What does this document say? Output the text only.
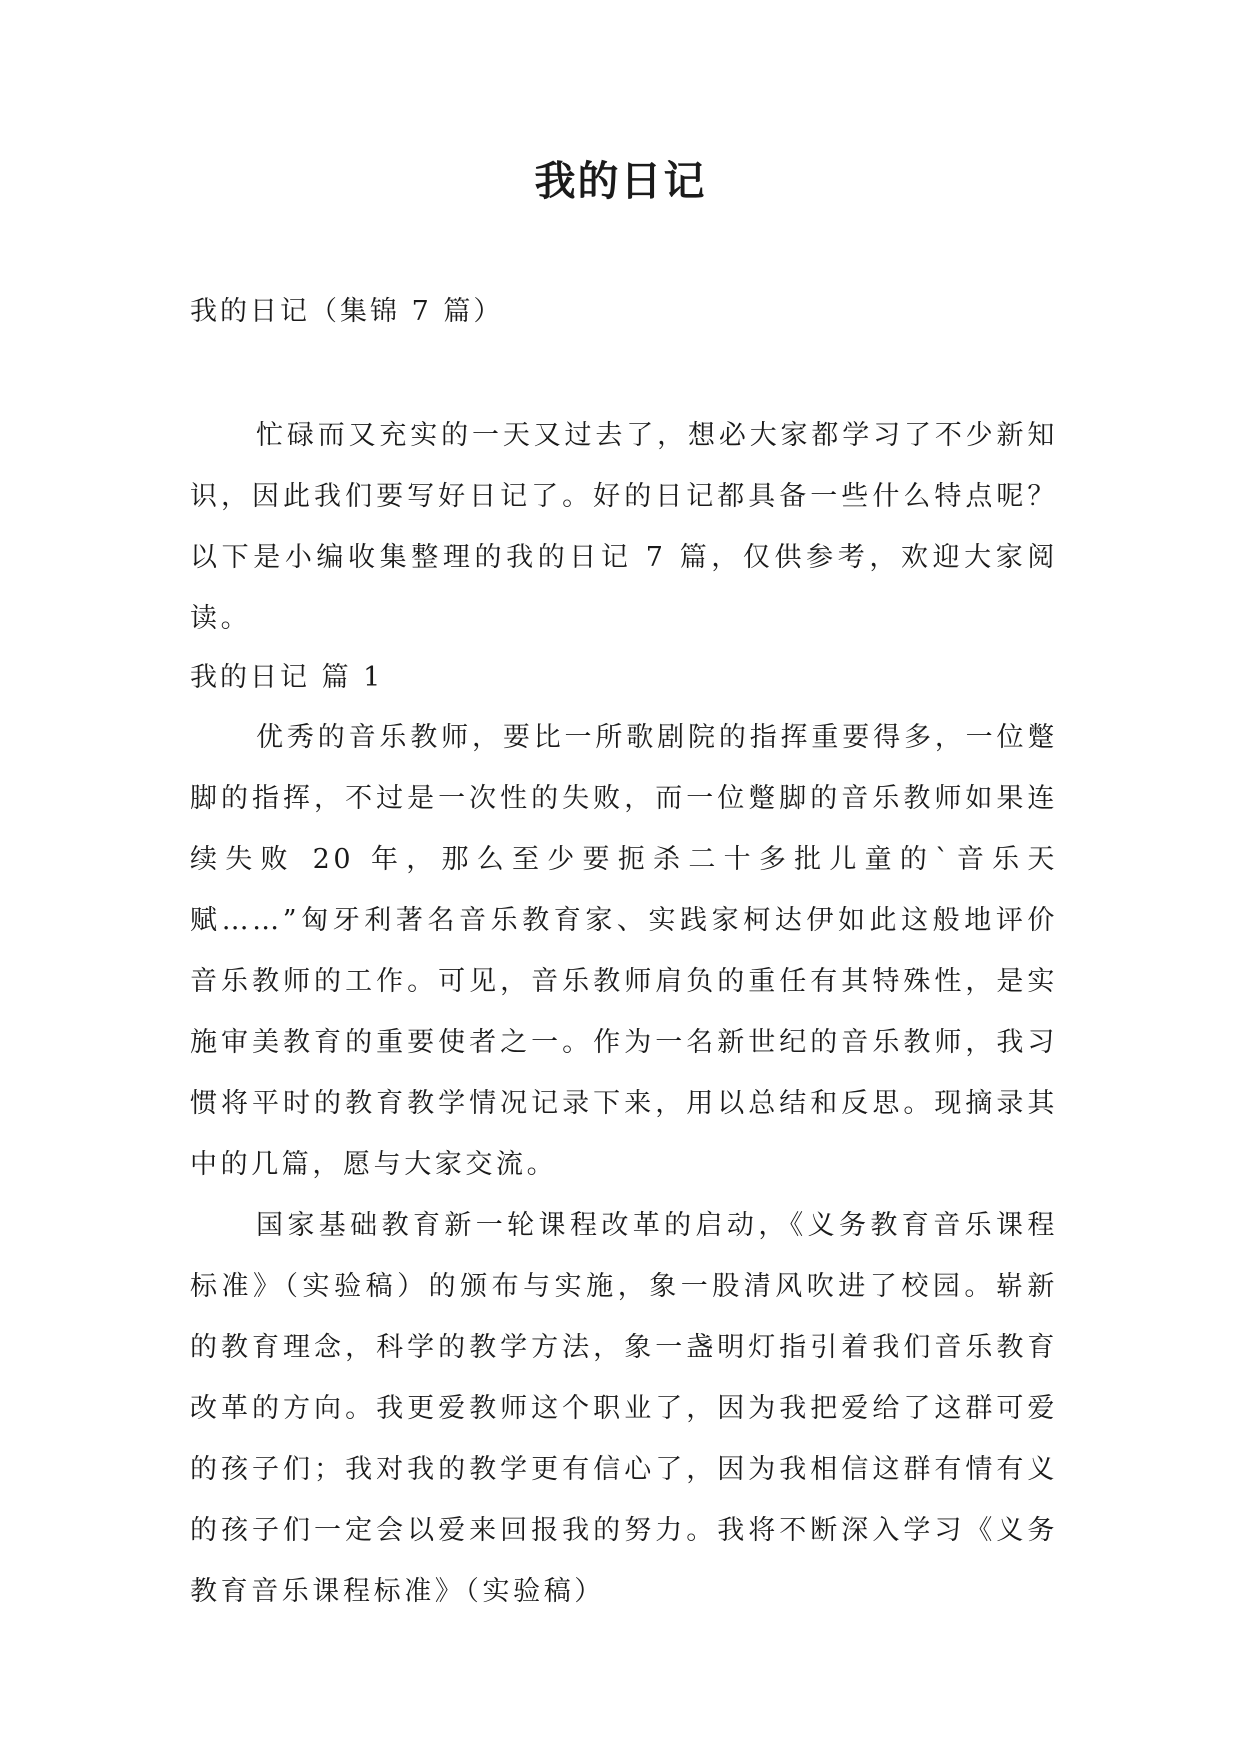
我的日记

我的日记（集锦 7 篇）

忙碌而又充实的一天又过去了，想必大家都学习了不少新知识，因此我们要写好日记了。好的日记都具备一些什么特点呢？以下是小编收集整理的我的日记 7 篇，仅供参考，欢迎大家阅读。

我的日记 篇 1

优秀的音乐教师，要比一所歌剧院的指挥重要得多，一位蹩脚的指挥，不过是一次性的失败，而一位蹩脚的音乐教师如果连续失败 20 年，那么至少要扼杀二十多批儿童的`音乐天赋……”匈牙利著名音乐教育家、实践家柯达伊如此这般地评价音乐教师的工作。可见，音乐教师肩负的重任有其特殊性，是实施审美教育的重要使者之一。作为一名新世纪的音乐教师，我习惯将平时的教育教学情况记录下来，用以总结和反思。现摘录其中的几篇，愿与大家交流。

国家基础教育新一轮课程改革的启动，《义务教育音乐课程标准》（实验稿）的颁布与实施，象一股清风吹进了校园。崭新的教育理念，科学的教学方法，象一盏明灯指引着我们音乐教育改革的方向。我更爱教师这个职业了，因为我把爱给了这群可爱的孩子们；我对我的教学更有信心了，因为我相信这群有情有义的孩子们一定会以爱来回报我的努力。我将不断深入学习《义务教育音乐课程标准》（实验稿）
